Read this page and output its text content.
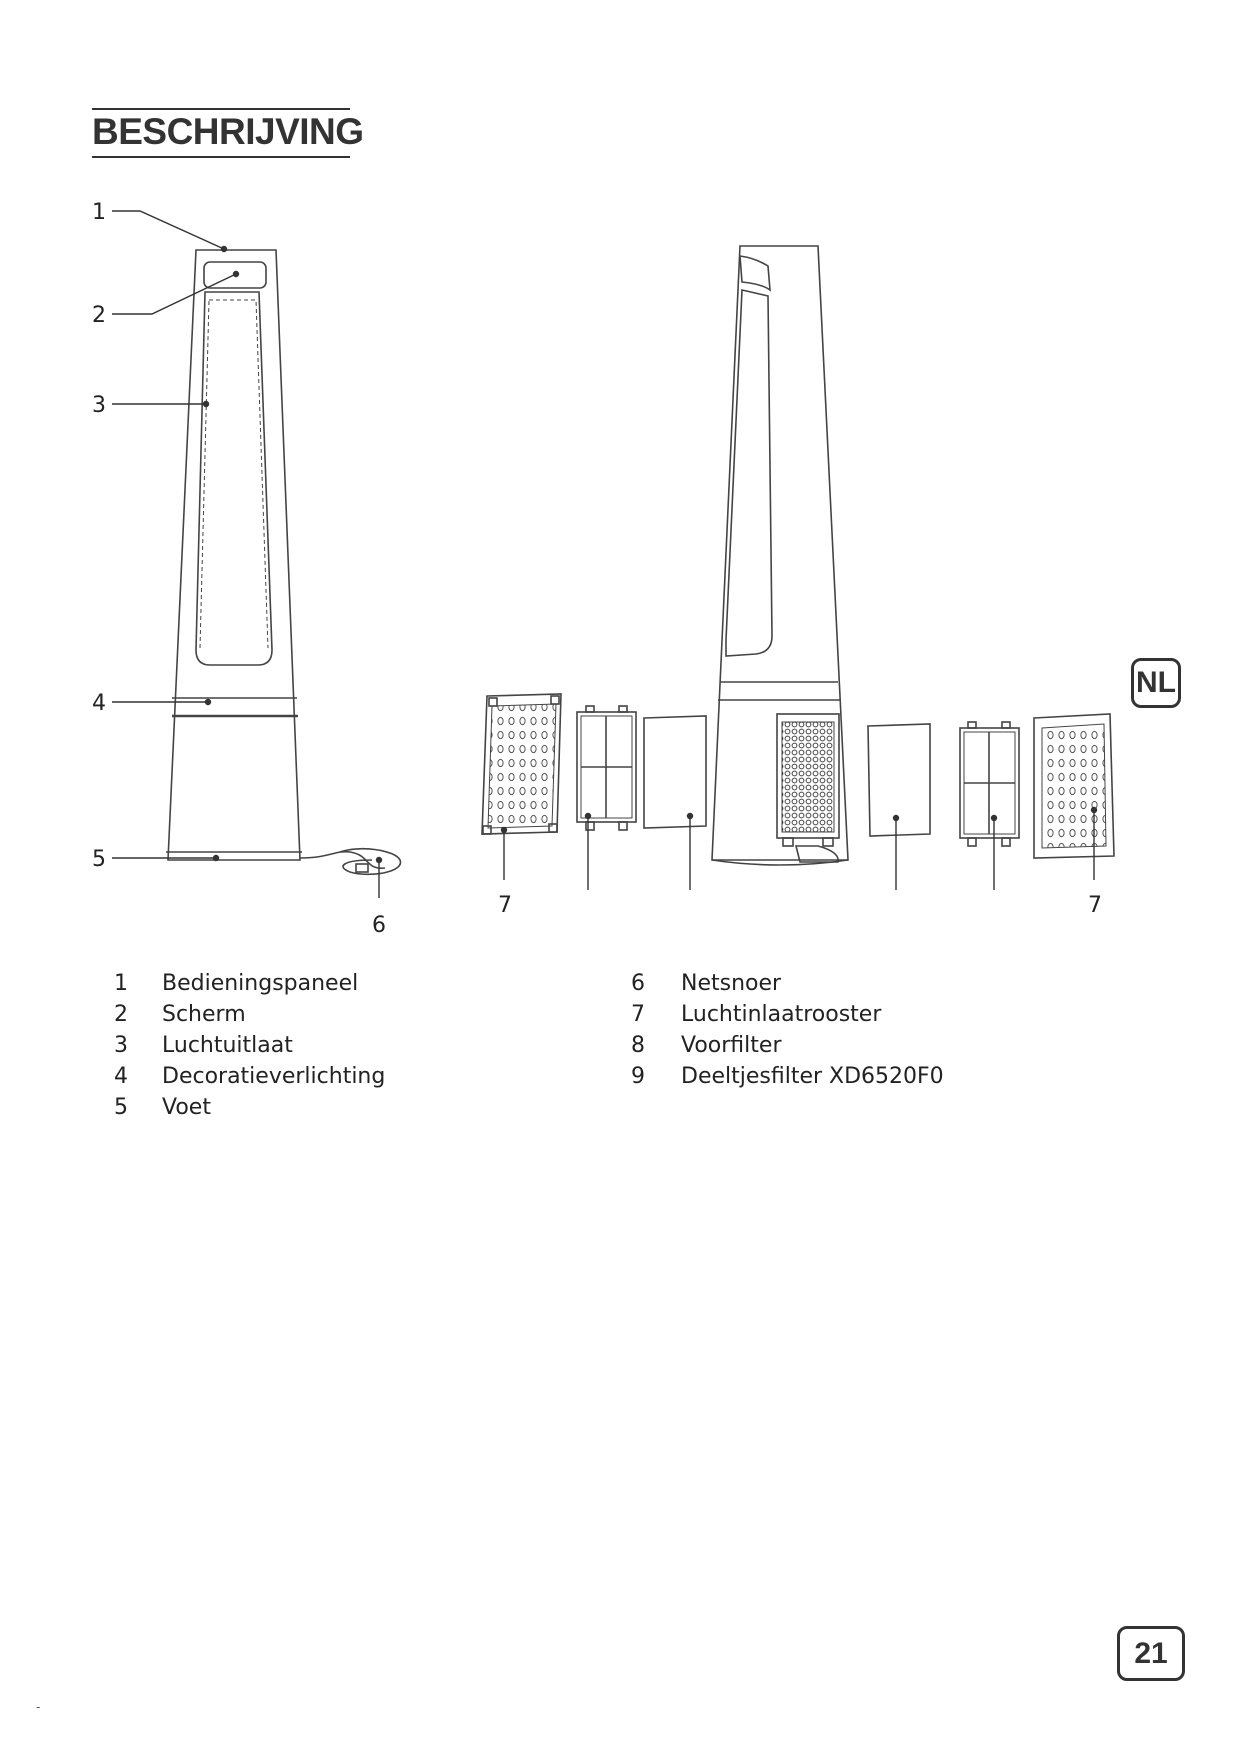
BESCHRIJVING
1
2
3
4
5
6
7	7
NL
1 Bedieningspaneel
2 Scherm
3 Luchtuitlaat
4 Decoratieverlichting
5 Voet
6 Netsnoer
7 Luchtinlaatrooster
8 Voorfilter
9 Deeltjesfilter XD6520F0
21
-
